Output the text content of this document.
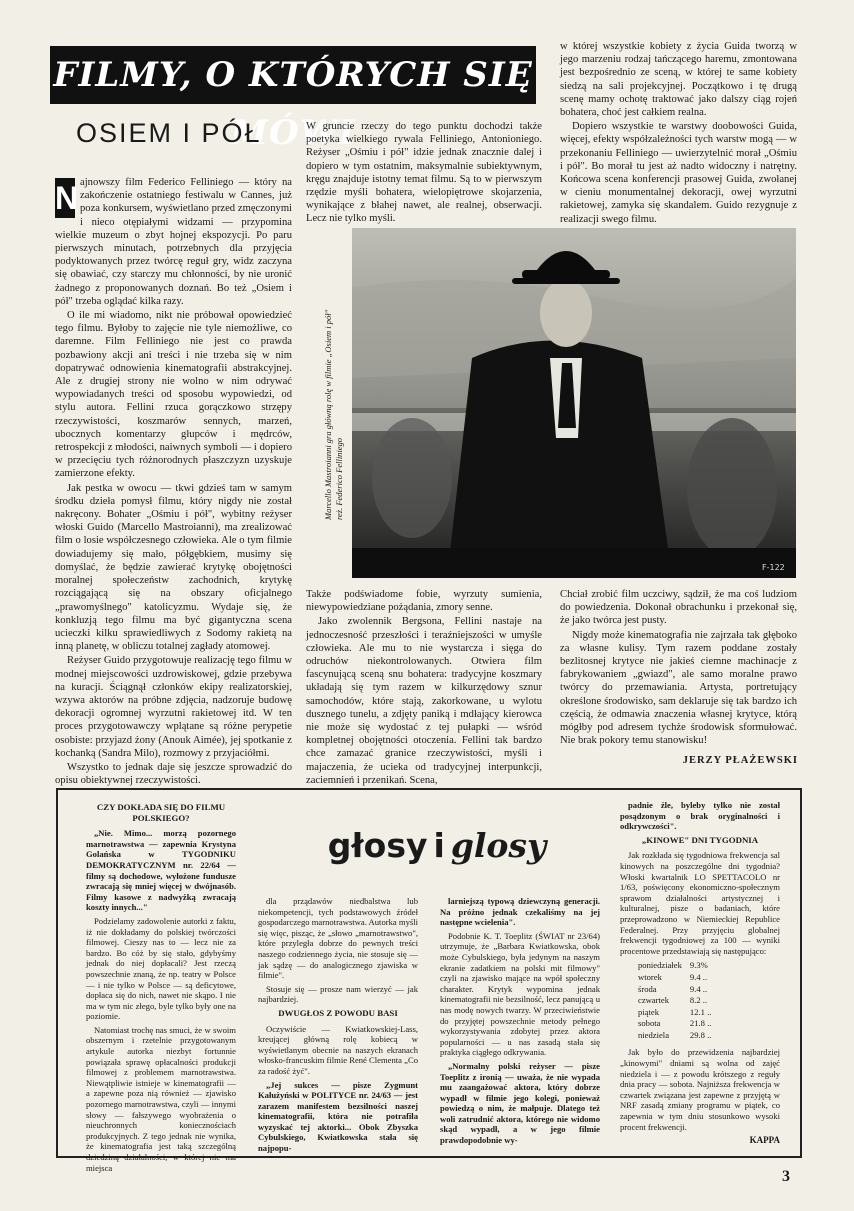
FILMY, O KTÓRYCH SIĘ MÓWI
OSIEM I PÓŁ
N ajnowszy film Federico Felliniego — który na zakończenie ostatniego festiwalu w Cannes, już poza konkursem, wyświetlano przed zmęczonymi i nieco otępiałymi widzami — przypomina wielkie muzeum o zbyt hojnej ekspozycji. Po paru pierwszych minutach, potrzebnych dla przyjęcia podyktowanych przez twórcę reguł gry, widz zaczyna się obawiać, czy starczy mu chłonności, by nie uronić żadnego z proponowanych doznań. Bo też „Osiem i pół" trzeba oglądać kilka razy.

O ile mi wiadomo, nikt nie próbował opowiedzieć tego filmu. Byłoby to zajęcie nie tyle niemożliwe, co daremne. Film Felliniego nie jest co prawda pozbawiony akcji ani treści i nie trzeba się w nim dopatrywać odnowienia kinematografii abstrakcyjnej. Ale z drugiej strony nie wolno w nim odrywać wypowiadanych treści od sposobu wypowiedzi, od stylu autora. Fellini rzuca gorączkowo strzępy rzeczywistości, koszmarów sennych, marzeń, ubocznych komentarzy głupców i mędrców, retrospekcji z młodości, naiwnych symboli — i dopiero w przecięciu tych różnorodnych płaszczyzn uzyskuje zamierzone efekty.

Jak pestka w owocu — tkwi gdzieś tam w samym środku dzieła pomysł filmu, który nigdy nie został nakręcony. Bohater „Ośmiu i pół", wybitny reżyser włoski Guido (Marcello Mastroianni), ma zrealizować film o losie współczesnego człowieka. Ale o tym filmie dowiadujemy się mało, półgębkiem, musimy się domyślać, że będzie zawierać krytykę obojętności moralnej społeczeństw zachodnich, krytykę rozciągającą się na obszary oficjalnego „prawomyślnego" katolicyzmu. Wydaje się, że konkluzją tego filmu ma być gigantyczna scena ucieczki kilku sprawiedliwych z Sodomy rakietą na inną planetę, w obliczu totalnej zagłady atomowej.

Reżyser Guido przygotowuje realizację tego filmu w modnej miejscowości uzdrowiskowej, gdzie przebywa na kuracji. Ściągnął członków ekipy realizatorskiej, wzywa aktorów na próbne zdjęcia, nadzoruje budowę dekoracji ogromnej wyrzutni rakietowej itd. W ten proces przygotowawczy wplątane są różne perypetie osobiste: przyjazd żony (Anouk Aimée), jej spotkanie z kochanką (Sandra Milo), rozmowy z przyjaciółmi.

Wszystko to jednak daje się jeszcze sprowadzić do opisu obiektywnej rzeczywistości.

W gruncie rzeczy do tego punktu dochodzi także poetyka wielkiego rywala Felliniego, Antonioniego. Reżyser „Ośmiu i pół" idzie jednak znacznie dalej i dopiero w tym ostatnim, maksymalnie subiektywnym, kręgu znajduje istotny temat filmu. Są to w pierwszym rzędzie myśli bohatera, wielopiętrowe skojarzenia, wynikające z błahej nawet, ale realnej, obserwacji. Lecz nie tylko myśli.

w której wszystkie kobiety z życia Guida tworzą w jego marzeniu rodzaj tańczącego haremu, zmontowana jest bezpośrednio ze sceną, w której te same kobiety siedzą na sali projekcyjnej. Początkowo i tę drugą scenę mamy ochotę traktować jako dalszy ciąg rojeń bohatera, choć jest całkiem realna.

Dopiero wszystkie te warstwy doobowości Guida, więcej, efekty współzależności tych warstw mogą — w przekonaniu Felliniego — uwierzytelnić morał „Ośmiu i pół". Bo morał tu jest aż nadto widoczny i natrętny. Końcowa scena konferencji prasowej Guida, zwołanej w cieniu monumentalnej dekoracji, owej wyrzutni rakietowej, zamyka się skandalem. Guido rezygnuje z realizacji swego filmu.

Marcello Mastroianni gra główną rolę w filmie „Osiem i pół" reż. Federico Felliniego
F-122

Także podświadome fobie, wyrzuty sumienia, niewypowiedziane pożądania, zmory senne.

Jako zwolennik Bergsona, Fellini nastaje na jednoczesność przeszłości i teraźniejszości w umyśle człowieka. Ale mu to nie wystarcza i sięga do odruchów niekontrolowanych. Otwiera film fascynującą sceną snu bohatera: tradycyjne koszmary układają się tym razem w kilkurzędowy sznur samochodów, które stają, zakorkowane, u wylotu dusznego tunelu, a zdjęty paniką i mdłający kierowca nie może się wydostać z tej pułapki — wśród kompletnej obojętności otoczenia. Fellini tak bardzo chce zamazać granice rzeczywistości, myśli i majaczenia, że ucieka od tradycyjnej interpunkcji, zaciemnień i przenikań. Scena,

Chciał zrobić film uczciwy, sądził, że ma coś ludziom do powiedzenia. Dokonał obrachunku i przekonał się, że jako twórca jest pusty.

Nigdy może kinematografia nie zajrzała tak głęboko za własne kulisy. Tym razem poddane zostały bezlitosnej krytyce nie jakieś ciemne machinacje z fabrykowaniem „gwiazd", ale samo moralne prawo twórcy do przemawiania. Artysta, portretujący określone środowisko, sam deklaruje się tak bardzo ich częścią, że odmawia znaczenia własnej krytyce, którą mógłby pod adresem tychże środowisk sformułować. Nie brak pokory temu stanowisku!

JERZY PŁAŻEWSKI
głosy i glosy

CZY DOKŁADA SIĘ DO FILMU POLSKIEGO?

„Nie. Mimo... morzą pozornego marnotrawstwa — zapewnia Krystyna Golańska w TYGODNIKU DEMOKRATYCZNYM nr. 22/64 — filmy są dochodowe, wyłożone fundusze zwracają się mniej więcej w dwójnasób. Filmy kasowe z nadwyżką zwracają koszty innych..."

Podzielamy zadowolenie autorki z faktu, iż nie dokładamy do polskiej twórczości filmowej. Cieszy nas to — lecz nie za bardzo. Bo cóż by się stało, gdybyśmy jednak do niej dopłacali? Jest rzeczą powszechnie znaną, że np. teatry w Polsce — i nie tylko w Polsce — są deficytowe, dopłaca się do nich, nawet nie skąpo. I nie ma w tym nic złego, byle tylko były one na poziomie.

Natomiast trochę nas smuci, że w swoim obszernym i rzetelnie przygotowanym artykule autorka niezbyt fortunnie powiązała sprawę opłacalności produkcji filmowej z problemem marnotrawstwa. Niewątpliwie istnieje w kinematografii — a zapewne poza nią również — zjawisko pozornego marnotrawstwa, czyli — innymi słowy — fałszywego wyobrażenia o nieuchronnych koniecznościach produkcyjnych. Z tego jednak nie wynika, że kinematografia jest taką szczególną dziedziną działalności, w której nie ma miejsca

dla prządawów niedbalstwa lub niekompetencji, tych podstawowych źródeł gospodarczego marnotrawstwa. Autorka myśli się więc, pisząc, że „słowo „marnotrawstwo", które przyległa dobrze do pewnych treści naszego codziennego życia, nie stosuje się — jak sądzę — do analogicznego zjawiska w filmie".

Stosuje się — prosze nam wierzyć — jak najbardziej.

DWUGŁOS Z POWODU BASI

Oczywiście — Kwiatkowskiej-Lass, kreującej główną rolę kobiecą w wyświetlanym obecnie na naszych ekranach włosko-francuskim filmie René Clementa „Co za radość żyć".

„Jej sukces — pisze Zygmunt Kałużyński w POLITYCE nr. 24/63 — jest zarazem manifestem bezsilności naszej kinematografii, która nie potrafiła wyzyskać tej aktorki... Obok Zbyszka Cybulskiego, Kwiatkowska stała się najpopu-

larniejszą typową dziewczyną generacji. Na próżno jednak czekaliśmy na jej następne wcielenia".

Podobnie K. T. Toeplitz (ŚWIAT nr 23/64) utrzymuje, że „Barbara Kwiatkowska, obok może Cybulskiego, była jedynym na naszym ekranie zadatkiem na polski mit filmowy" czyli na zjawisko mające na wpół społeczny charakter. Krytyk wypomina jednak kinematografii nie bezsilność, lecz panującą u nas modę nowych twarzy. W przeciwieństwie do przyjętej powszechnie metody pełnego wykorzystywania zdobytej przez aktora popularności — u nas zasadą stała się praktyka ciągłego odkrywania.

„Normalny polski reżyser — pisze Toeplitz z ironią — uważa, że nie wypada mu zaangażować aktora, który dobrze wypadł w filmie jego kolegi, ponieważ powiedzą o nim, że małpuje. Dlatego też woli zatrudnić aktora, którego nie widomo skąd wypadł, a w jego filmie prawdopodobnie wy-

padnie źle, byleby tylko nie został posądzonym o brak oryginalności i odkrywczości".

„KINOWE" DNI TYGODNIA

Jak rozkłada się tygodniowa frekwencja sal kinowych na poszczególne dni tygodnia? Włoski kwartalnik LO SPETTACOLO nr 1/63, poświęcony ekonomiczno-społecznym sprawom działalności artystycznej i kulturalnej, pisze o badaniach, które przeprowadzono w Niemieckiej Republice Federalnej. Przy przyjęciu globalnej frekwencji tygodniowej za 100 — wyniki procentowe przedstawiają się następująco:

poniedziałek	9.3%
wtorek	9.4 ..
środa	9.4 ..
czwartek	8.2 ..
piątek	12.1 ..
sobota	21.8 ..
niedziela	29.8 ..

Jak było do przewidzenia najbardziej „kinowymi" dniami są wolna od zajęć niedziela i — z powodu krótszego z reguły dnia pracy — sobota. Najniższa frekwencja w czwartek związana jest zapewne z przyjętą w NRF zasadą zmiany programu w piątek, co zapewnia w tym dniu stosunkowo wysoki procent frekwencji.

KAPPA
3
